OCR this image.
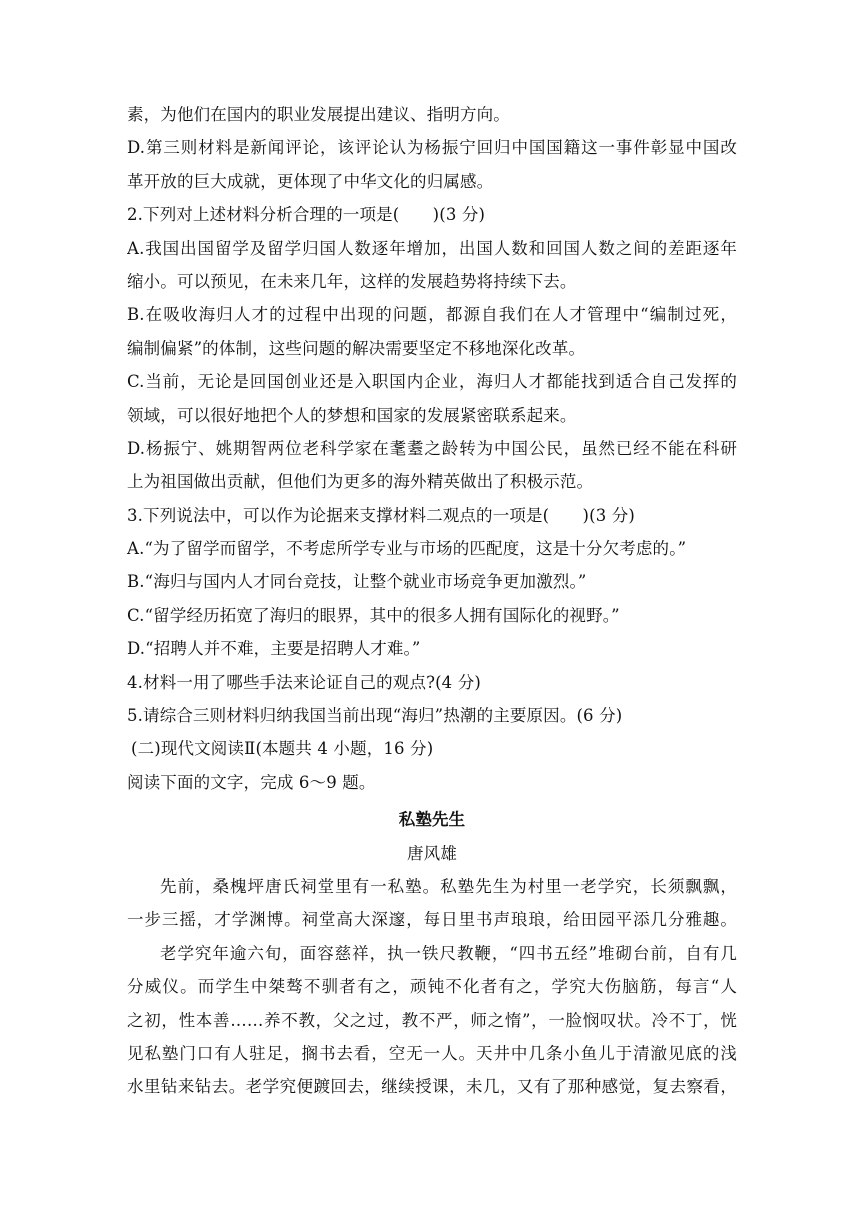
素，为他们在国内的职业发展提出建议、指明方向。
D.第三则材料是新闻评论，该评论认为杨振宁回归中国国籍这一事件彰显中国改
革开放的巨大成就，更体现了中华文化的归属感。
2.下列对上述材料分析合理的一项是(　　)(3 分)
A.我国出国留学及留学归国人数逐年增加，出国人数和回国人数之间的差距逐年
缩小。可以预见，在未来几年，这样的发展趋势将持续下去。
B.在吸收海归人才的过程中出现的问题，都源自我们在人才管理中“编制过死，
编制偏紧”的体制，这些问题的解决需要坚定不移地深化改革。
C.当前，无论是回国创业还是入职国内企业，海归人才都能找到适合自己发挥的
领域，可以很好地把个人的梦想和国家的发展紧密联系起来。
D.杨振宁、姚期智两位老科学家在耄耋之龄转为中国公民，虽然已经不能在科研
上为祖国做出贡献，但他们为更多的海外精英做出了积极示范。
3.下列说法中，可以作为论据来支撑材料二观点的一项是(　　)(3 分)
A.“为了留学而留学，不考虑所学专业与市场的匹配度，这是十分欠考虑的。”
B.“海归与国内人才同台竞技，让整个就业市场竞争更加激烈。”
C.“留学经历拓宽了海归的眼界，其中的很多人拥有国际化的视野。”
D.“招聘人并不难，主要是招聘人才难。”
4.材料一用了哪些手法来论证自己的观点?(4 分)
5.请综合三则材料归纳我国当前出现“海归”热潮的主要原因。(6 分)
(二)现代文阅读Ⅱ(本题共 4 小题，16 分)
阅读下面的文字，完成 6～9 题。
私塾先生
唐风雄
先前，桑槐坪唐氏祠堂里有一私塾。私塾先生为村里一老学究，长须飘飘，
一步三摇，才学渊博。祠堂高大深邃，每日里书声琅琅，给田园平添几分雅趣。
老学究年逾六旬，面容慈祥，执一铁尺教鞭，“四书五经”堆砌台前，自有几
分威仪。而学生中桀骜不驯者有之，顽钝不化者有之，学究大伤脑筋，每言“人
之初，性本善……养不教，父之过，教不严，师之惰”，一脸悯叹状。冷不丁，恍
见私塾门口有人驻足，搁书去看，空无一人。天井中几条小鱼儿于清澈见底的浅
水里钻来钻去。老学究便踱回去，继续授课，未几，又有了那种感觉，复去察看，
